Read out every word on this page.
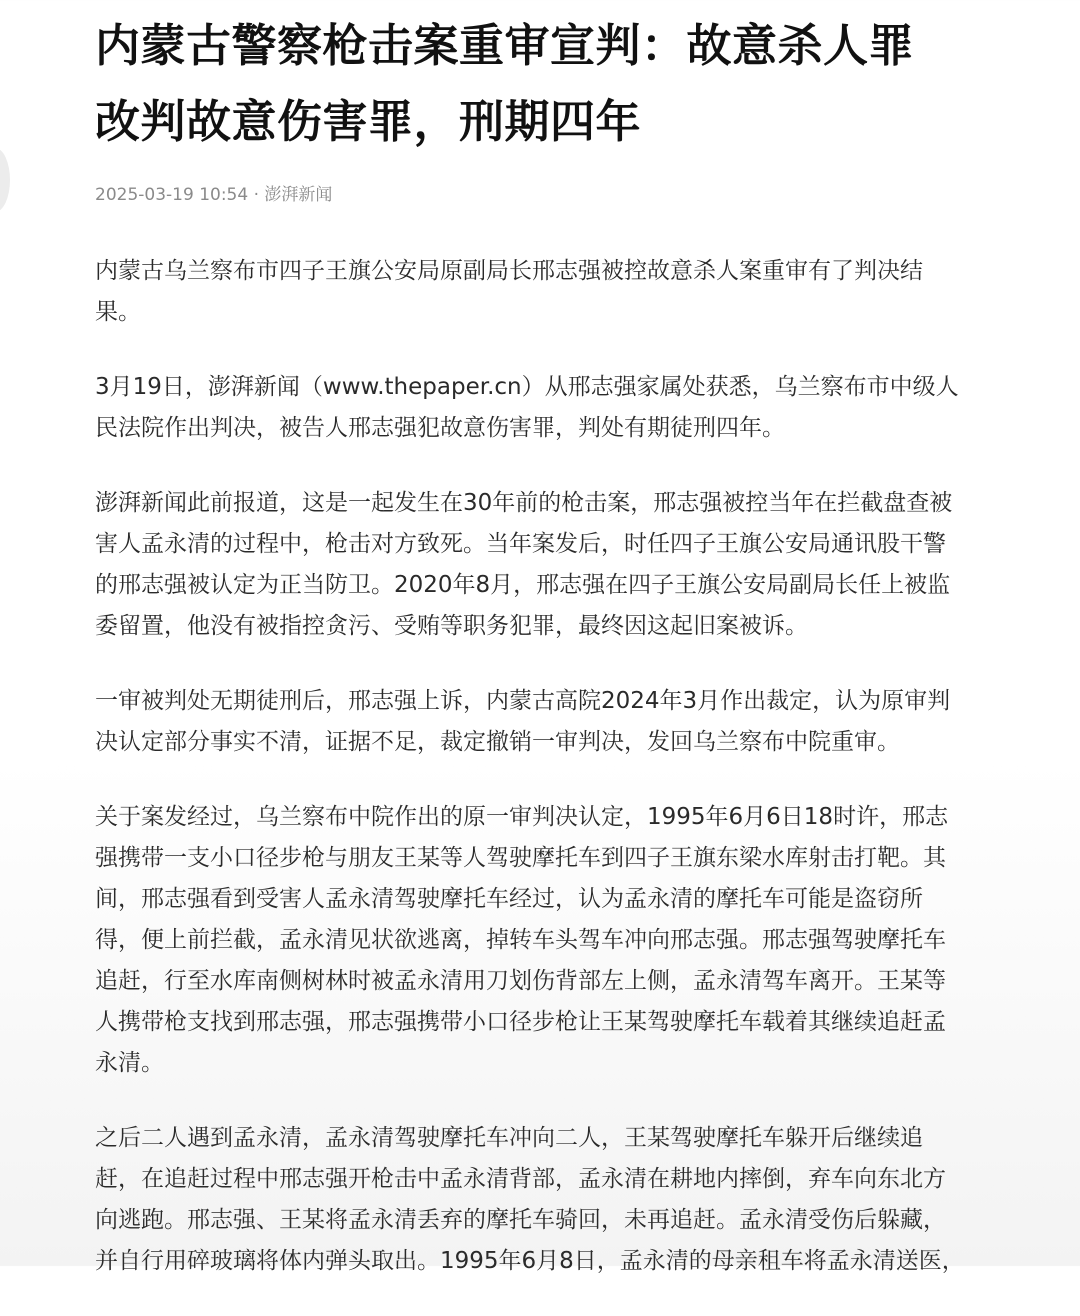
内蒙古警察枪击案重审宣判：故意杀人罪
改判故意伤害罪，刑期四年
2025-03-19 10:54 · 澎湃新闻

内蒙古乌兰察布市四子王旗公安局原副局长邢志强被控故意杀人案重审有了判决结
果。

3月19日，澎湃新闻（www.thepaper.cn）从邢志强家属处获悉，乌兰察布市中级人
民法院作出判决，被告人邢志强犯故意伤害罪，判处有期徒刑四年。

澎湃新闻此前报道，这是一起发生在30年前的枪击案，邢志强被控当年在拦截盘查被
害人孟永清的过程中，枪击对方致死。当年案发后，时任四子王旗公安局通讯股干警
的邢志强被认定为正当防卫。2020年8月，邢志强在四子王旗公安局副局长任上被监
委留置，他没有被指控贪污、受贿等职务犯罪，最终因这起旧案被诉。

一审被判处无期徒刑后，邢志强上诉，内蒙古高院2024年3月作出裁定，认为原审判
决认定部分事实不清，证据不足，裁定撤销一审判决，发回乌兰察布中院重审。

关于案发经过，乌兰察布中院作出的原一审判决认定，1995年6月6日18时许，邢志
强携带一支小口径步枪与朋友王某等人驾驶摩托车到四子王旗东梁水库射击打靶。其
间，邢志强看到受害人孟永清驾驶摩托车经过，认为孟永清的摩托车可能是盗窃所
得，便上前拦截，孟永清见状欲逃离，掉转车头驾车冲向邢志强。邢志强驾驶摩托车
追赶，行至水库南侧树林时被孟永清用刀划伤背部左上侧，孟永清驾车离开。王某等
人携带枪支找到邢志强，邢志强携带小口径步枪让王某驾驶摩托车载着其继续追赶孟
永清。

之后二人遇到孟永清，孟永清驾驶摩托车冲向二人，王某驾驶摩托车躲开后继续追
赶，在追赶过程中邢志强开枪击中孟永清背部，孟永清在耕地内摔倒，弃车向东北方
向逃跑。邢志强、王某将孟永清丢弃的摩托车骑回，未再追赶。孟永清受伤后躲藏，
并自行用碎玻璃将体内弹头取出。1995年6月8日，孟永清的母亲租车将孟永清送医，
